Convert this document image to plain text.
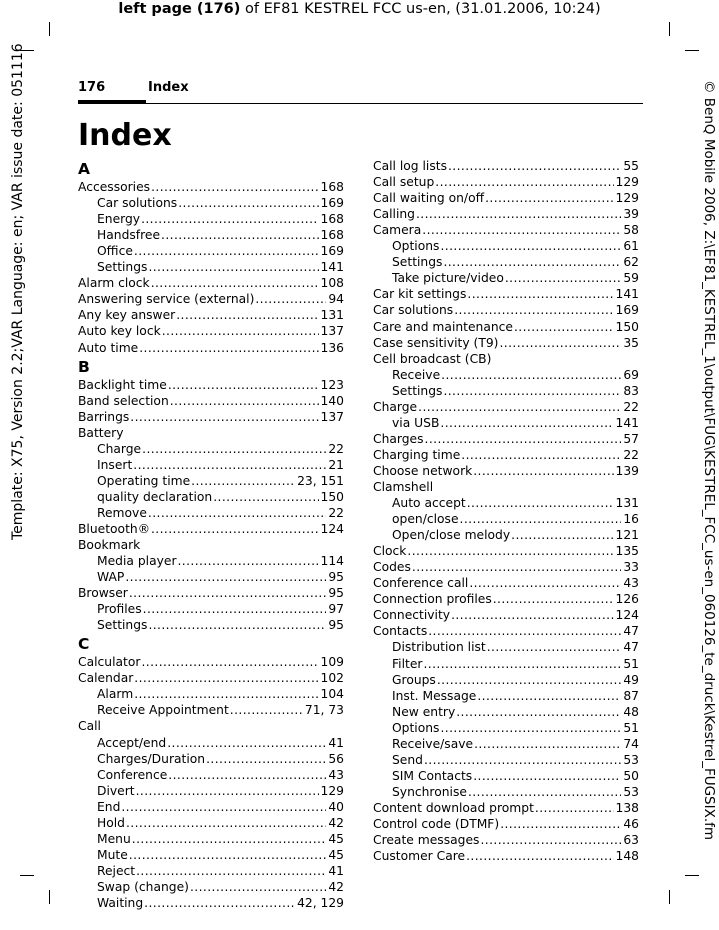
left page (176) of EF81 KESTREL FCC us-en, (31.01.2006, 10:24)
Template: X75, Version 2.2;VAR Language: en; VAR issue date: 051116	© BenQ Mobile 2006, Z:\EF81_KESTREL_1\output\FUG\KESTREL_FCC_us-en_060126_te_druck\Kestrel_FUGSIX.fm
176	Index
Index
A
Accessories .....	168
Car solutions .....	169
Energy .....	168
Handsfree .....	168
Office .....	169
Settings .....	141
Alarm clock .....	108
Answering service (external) .....	94
Any key answer .....	131
Auto key lock .....	137
Auto time .....	136
B
Backlight time .....	123
Band selection .....	140
Barrings .....	137
Battery
Charge .....	22
Insert .....	21
Operating time .....	23, 151
quality declaration .....	150
Remove .....	22
Bluetooth® .....	124
Bookmark
Media player .....	114
WAP .....	95
Browser .....	95
Profiles .....	97
Settings .....	95
C
Calculator .....	109
Calendar .....	102
Alarm .....	104
Receive Appointment .....	71, 73
Call
Accept/end .....	41
Charges/Duration .....	56
Conference .....	43
Divert .....	129
End .....	40
Hold .....	42
Menu .....	45
Mute .....	45
Reject .....	41
Swap (change) .....	42
Waiting .....	42, 129
Call log lists .....	55
Call setup .....	129
Call waiting on/off .....	129
Calling .....	39
Camera .....	58
Options .....	61
Settings .....	62
Take picture/video .....	59
Car kit settings .....	141
Car solutions .....	169
Care and maintenance .....	150
Case sensitivity (T9) .....	35
Cell broadcast (CB)
Receive .....	69
Settings .....	83
Charge .....	22
via USB .....	141
Charges .....	57
Charging time .....	22
Choose network .....	139
Clamshell
Auto accept .....	131
open/close .....	16
Open/close melody .....	121
Clock .....	135
Codes .....	33
Conference call .....	43
Connection profiles .....	126
Connectivity .....	124
Contacts .....	47
Distribution list .....	47
Filter .....	51
Groups .....	49
Inst. Message .....	87
New entry .....	48
Options .....	51
Receive/save .....	74
Send .....	53
SIM Contacts .....	50
Synchronise .....	53
Content download prompt .....	138
Control code (DTMF) .....	46
Create messages .....	63
Customer Care .....	148
